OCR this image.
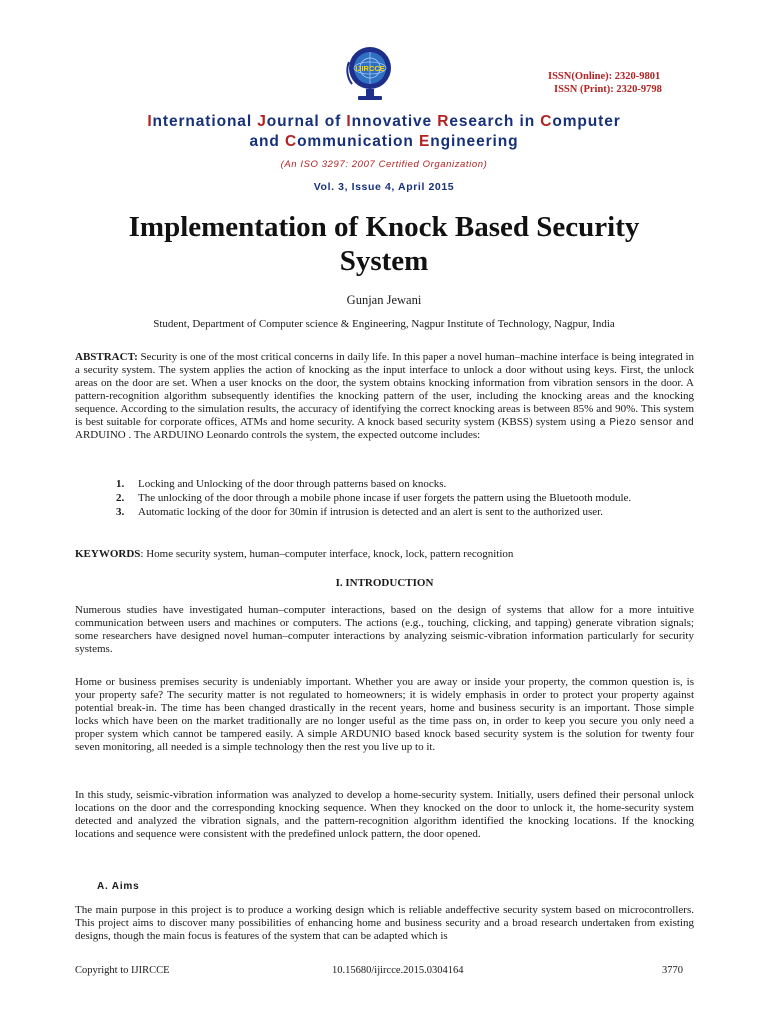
IJIRCCE
ISSN(Online): 2320-9801
ISSN (Print): 2320-9798
International Journal of Innovative Research in Computer
and Communication Engineering
(An ISO 3297: 2007 Certified Organization)
Vol. 3, Issue 4, April 2015
Implementation of Knock Based Security
System
Gunjan Jewani
Student, Department of Computer science & Engineering, Nagpur Institute of Technology, Nagpur, India
ABSTRACT: Security is one of the most critical concerns in daily life. In this paper a novel human–machine interface is being integrated in a security system. The system applies the action of knocking as the input interface to unlock a door without using keys. First, the unlock areas on the door are set. When a user knocks on the door, the system obtains knocking information from vibration sensors in the door. A pattern-recognition algorithm subsequently identifies the knocking pattern of the user, including the knocking areas and the knocking sequence. According to the simulation results, the accuracy of identifying the correct knocking areas is between 85% and 90%. This system is best suitable for corporate offices, ATMs and home security. A knock based security system (KBSS) system using a Piezo sensor and ARDUINO . The ARDUINO Leonardo controls the system, the expected outcome includes:
1. Locking and Unlocking of the door through patterns based on knocks.
2. The unlocking of the door through a mobile phone incase if user forgets the pattern using the Bluetooth module.
3. Automatic locking of the door for 30min if intrusion is detected and an alert is sent to the authorized user.
KEYWORDS: Home security system, human–computer interface, knock, lock, pattern recognition
I. INTRODUCTION
Numerous studies have investigated human–computer interactions, based on the design of systems that allow for a more intuitive communication between users and machines or computers. The actions (e.g., touching, clicking, and tapping) generate vibration signals; some researchers have designed novel human–computer interactions by analyzing seismic-vibration information particularly for security systems.
Home or business premises security is undeniably important. Whether you are away or inside your property, the common question is, is your property safe? The security matter is not regulated to homeowners; it is widely emphasis in order to protect your property against potential break-in. The time has been changed drastically in the recent years, home and business security is an important. Those simple locks which have been on the market traditionally are no longer useful as the time pass on, in order to keep you secure you only need a proper system which cannot be tampered easily. A simple ARDUNIO based knock based security system is the solution for twenty four seven monitoring, all needed is a simple technology then the rest you live up to it.
In this study, seismic-vibration information was analyzed to develop a home-security system. Initially, users defined their personal unlock locations on the door and the corresponding knocking sequence. When they knocked on the door to unlock it, the home-security system detected and analyzed the vibration signals, and the pattern-recognition algorithm identified the knocking locations. If the knocking locations and sequence were consistent with the predefined unlock pattern, the door opened.
A. Aims
The main purpose in this project is to produce a working design which is reliable andeffective security system based on microcontrollers. This project aims to discover many possibilities of enhancing home and business security and a broad research undertaken from existing designs, though the main focus is features of the system that can be adapted which is
Copyright to IJIRCCE	10.15680/ijircce.2015.0304164	3770
